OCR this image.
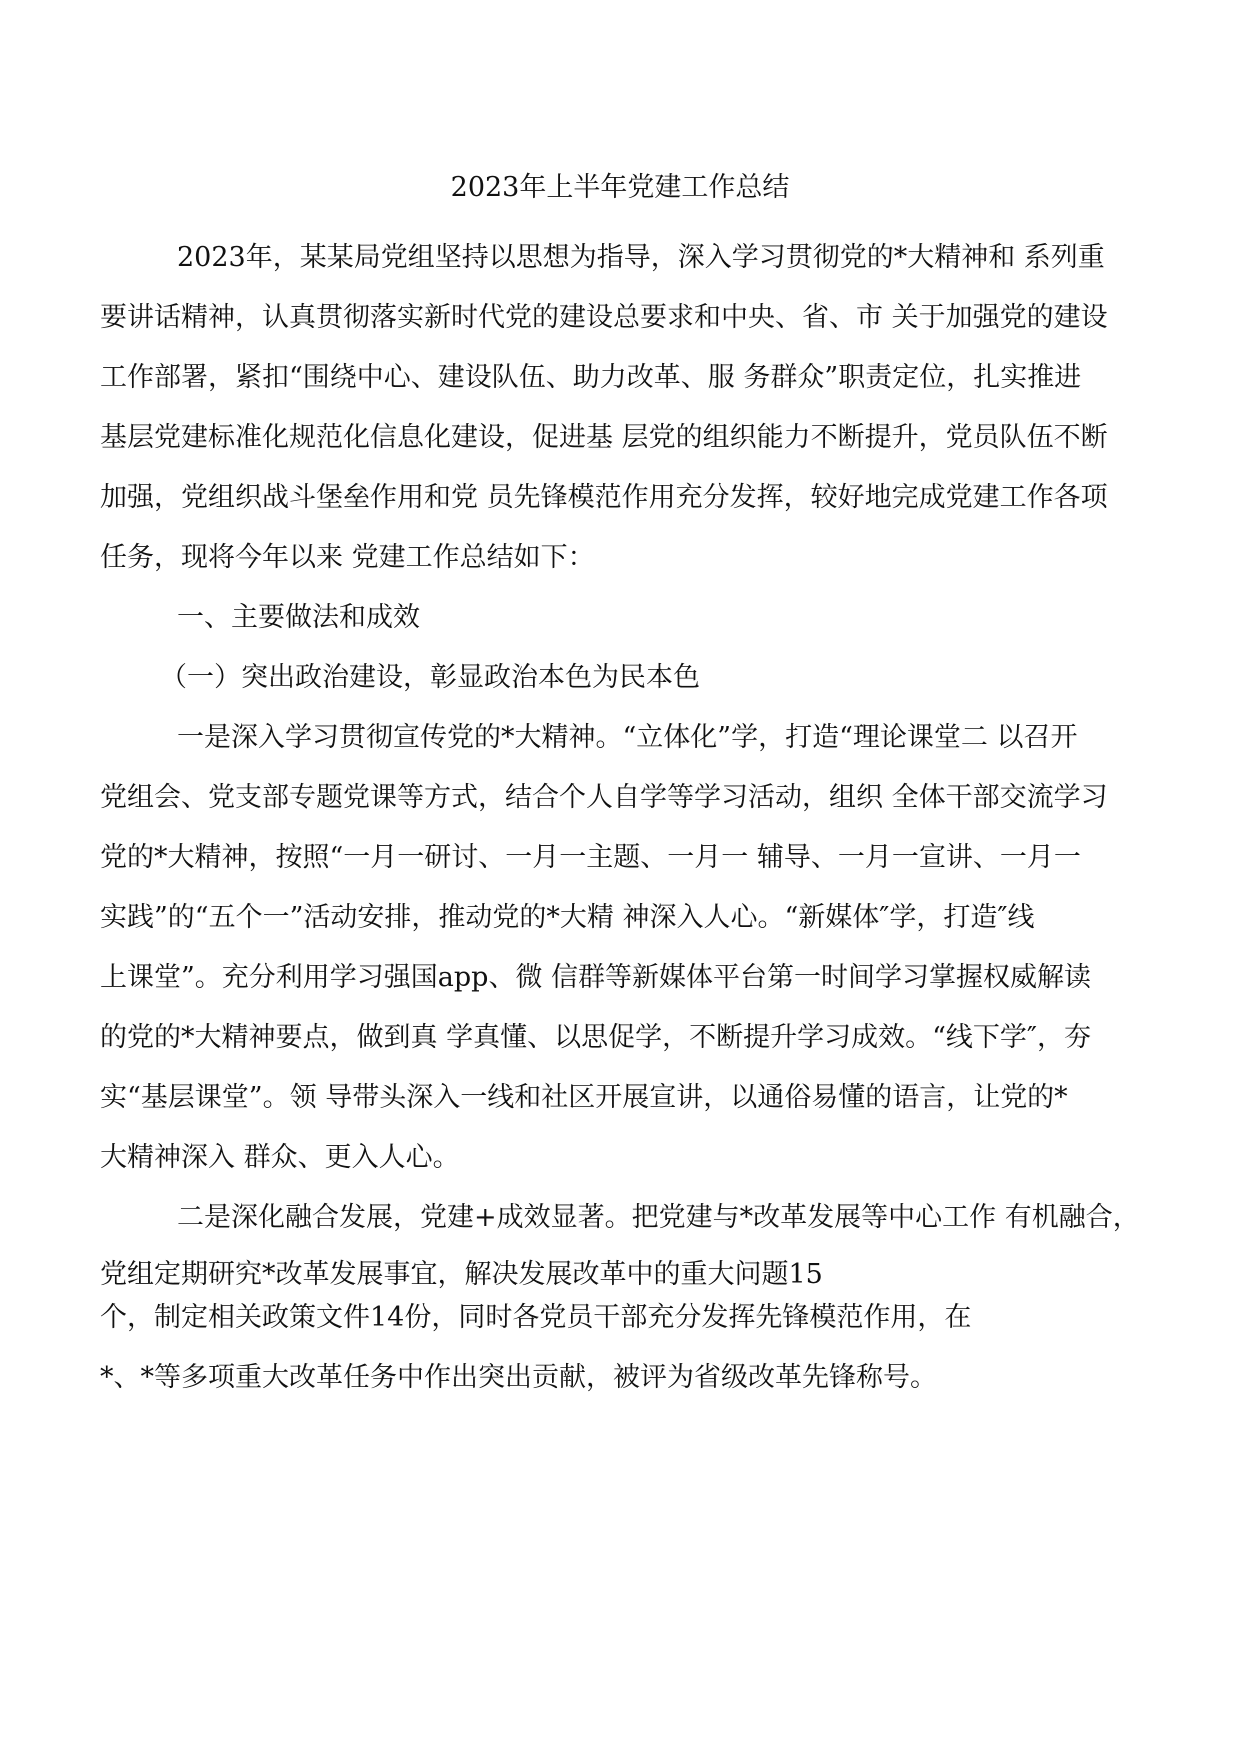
2023年上半年党建工作总结
2023年，某某局党组坚持以思想为指导，深入学习贯彻党的*大精神和 系列重
要讲话精神，认真贯彻落实新时代党的建设总要求和中央、省、市 关于加强党的建设
工作部署，紧扣“围绕中心、建设队伍、助力改革、服 务群众”职责定位，扎实推进
基层党建标准化规范化信息化建设，促进基 层党的组织能力不断提升，党员队伍不断
加强，党组织战斗堡垒作用和党 员先锋模范作用充分发挥，较好地完成党建工作各项
任务，现将今年以来 党建工作总结如下：
一、主要做法和成效
（一）突出政治建设，彰显政治本色为民本色
一是深入学习贯彻宣传党的*大精神。“立体化”学，打造“理论课堂二 以召开
党组会、党支部专题党课等方式，结合个人自学等学习活动，组织 全体干部交流学习
党的*大精神，按照“一月一研讨、一月一主题、一月一 辅导、一月一宣讲、一月一
实践”的“五个一”活动安排，推动党的*大精 神深入人心。“新媒体″学，打造″线
上课堂”。充分利用学习强国app、微 信群等新媒体平台第一时间学习掌握权威解读
的党的*大精神要点，做到真 学真懂、以思促学，不断提升学习成效。“线下学″，夯
实“基层课堂”。领 导带头深入一线和社区开展宣讲，以通俗易懂的语言，让党的*
大精神深入 群众、更入人心。
二是深化融合发展，党建+成效显著。把党建与*改革发展等中心工作 有机融合，
党组定期研究*改革发展事宜，解决发展改革中的重大问题15
个，制定相关政策文件14份，同时各党员干部充分发挥先锋模范作用，在
*、*等多项重大改革任务中作出突出贡献，被评为省级改革先锋称号。
